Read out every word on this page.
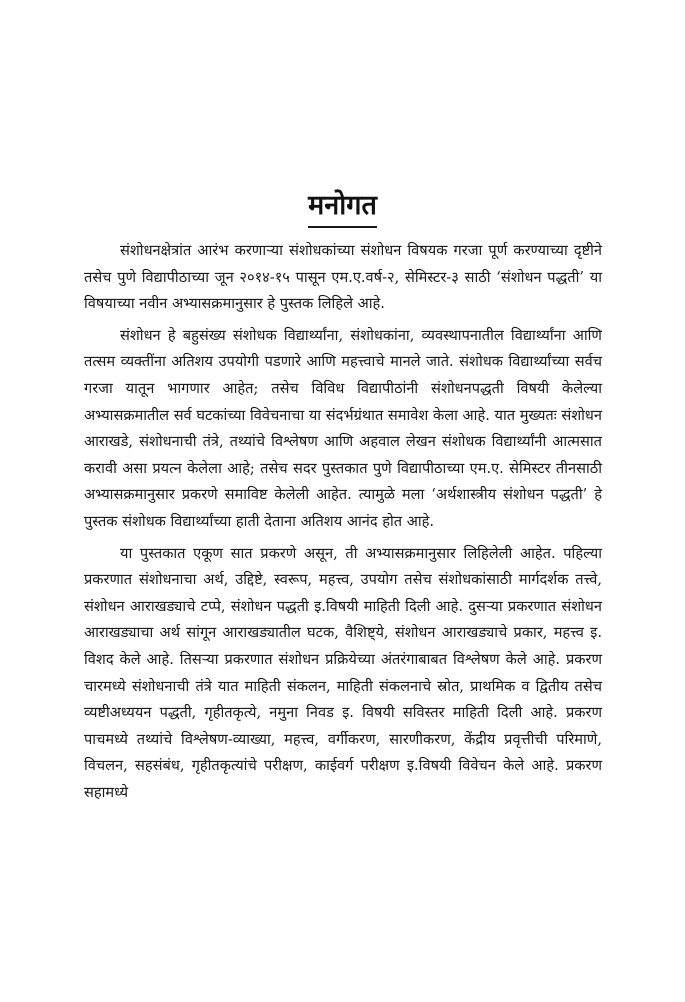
मनोगत

संशोधनक्षेत्रांत आरंभ करणाऱ्या संशोधकांच्या संशोधन विषयक गरजा पूर्ण करण्याच्या दृष्टीने तसेच पुणे विद्यापीठाच्या जून २०१४-१५ पासून एम.ए.वर्ष-२, सेमिस्टर-३ साठी ‘संशोधन पद्धती’ या विषयाच्या नवीन अभ्यासक्रमानुसार हे पुस्तक लिहिले आहे.

संशोधन हे बहुसंख्य संशोधक विद्यार्थ्यांना, संशोधकांना, व्यवस्थापनातील विद्यार्थ्यांना आणि तत्सम व्यक्तींना अतिशय उपयोगी पडणारे आणि महत्त्वाचे मानले जाते. संशोधक विद्यार्थ्यांच्या सर्वच गरजा यातून भागणार आहेत; तसेच विविध विद्यापीठांनी संशोधनपद्धती विषयी केलेल्या अभ्यासक्रमातील सर्व घटकांच्या विवेचनाचा या संदर्भग्रंथात समावेश केला आहे. यात मुख्यतः संशोधन आराखडे, संशोधनाची तंत्रे, तथ्यांचे विश्लेषण आणि अहवाल लेखन संशोधक विद्यार्थ्यांनी आत्मसात करावी असा प्रयत्न केलेला आहे; तसेच सदर पुस्तकात पुणे विद्यापीठाच्या एम.ए. सेमिस्टर तीनसाठी अभ्यासक्रमानुसार प्रकरणे समाविष्ट केलेली आहेत. त्यामुळे मला ‘अर्थशास्त्रीय संशोधन पद्धती’ हे पुस्तक संशोधक विद्यार्थ्यांच्या हाती देताना अतिशय आनंद होत आहे.

या पुस्तकात एकूण सात प्रकरणे असून, ती अभ्यासक्रमानुसार लिहिलेली आहेत. पहिल्या प्रकरणात संशोधनाचा अर्थ, उद्दिष्टे, स्वरूप, महत्त्व, उपयोग तसेच संशोधकांसाठी मार्गदर्शक तत्त्वे, संशोधन आराखड्याचे टप्पे, संशोधन पद्धती इ.विषयी माहिती दिली आहे. दुसऱ्या प्रकरणात संशोधन आराखड्याचा अर्थ सांगून आराखड्यातील घटक, वैशिष्ट्ये, संशोधन आराखड्याचे प्रकार, महत्त्व इ. विशद केले आहे. तिसऱ्या प्रकरणात संशोधन प्रक्रियेच्या अंतरंगाबाबत विश्लेषण केले आहे. प्रकरण चारमध्ये संशोधनाची तंत्रे यात माहिती संकलन, माहिती संकलनाचे स्रोत, प्राथमिक व द्वितीय तसेच व्यष्टीअध्ययन पद्धती, गृहीतकृत्ये, नमुना निवड इ. विषयी सविस्तर माहिती दिली आहे. प्रकरण पाचमध्ये तथ्यांचे विश्लेषण-व्याख्या, महत्त्व, वर्गीकरण, सारणीकरण, केंद्रीय प्रवृत्तीची परिमाणे, विचलन, सहसंबंध, गृहीतकृत्यांचे परीक्षण, काईवर्ग परीक्षण इ.विषयी विवेचन केले आहे. प्रकरण सहामध्ये
